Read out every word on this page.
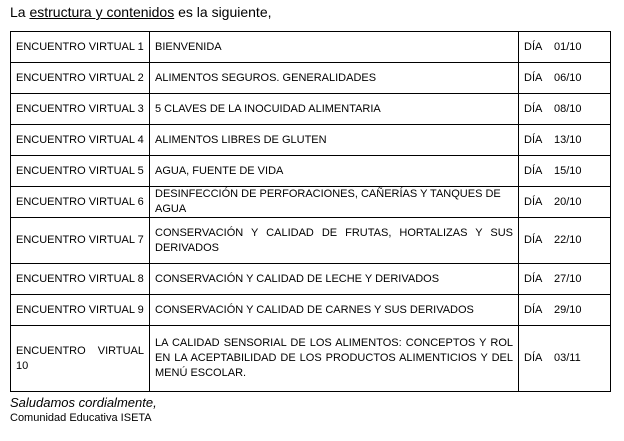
La estructura y contenidos es la siguiente,
ENCUENTRO VIRTUAL 1	BIENVENIDA	DÍA 01/10
ENCUENTRO VIRTUAL 2	ALIMENTOS SEGUROS. GENERALIDADES	DÍA 06/10
ENCUENTRO VIRTUAL 3	5 CLAVES DE LA INOCUIDAD ALIMENTARIA	DÍA 08/10
ENCUENTRO VIRTUAL 4	ALIMENTOS LIBRES DE GLUTEN	DÍA 13/10
ENCUENTRO VIRTUAL 5	AGUA, FUENTE DE VIDA	DÍA 15/10
ENCUENTRO VIRTUAL 6	DESINFECCIÓN DE PERFORACIONES, CAÑERÍAS Y TANQUES DE AGUA	DÍA 20/10
ENCUENTRO VIRTUAL 7	CONSERVACIÓN Y CALIDAD DE FRUTAS, HORTALIZAS Y SUS DERIVADOS	DÍA 22/10
ENCUENTRO VIRTUAL 8	CONSERVACIÓN Y CALIDAD DE LECHE Y DERIVADOS	DÍA 27/10
ENCUENTRO VIRTUAL 9	CONSERVACIÓN Y CALIDAD DE CARNES Y SUS DERIVADOS	DÍA 29/10
ENCUENTRO VIRTUAL 10	LA CALIDAD SENSORIAL DE LOS ALIMENTOS: CONCEPTOS Y ROL EN LA ACEPTABILIDAD DE LOS PRODUCTOS ALIMENTICIOS Y DEL MENÚ ESCOLAR.	DÍA 03/11
Saludamos cordialmente,
Comunidad Educativa ISETA
